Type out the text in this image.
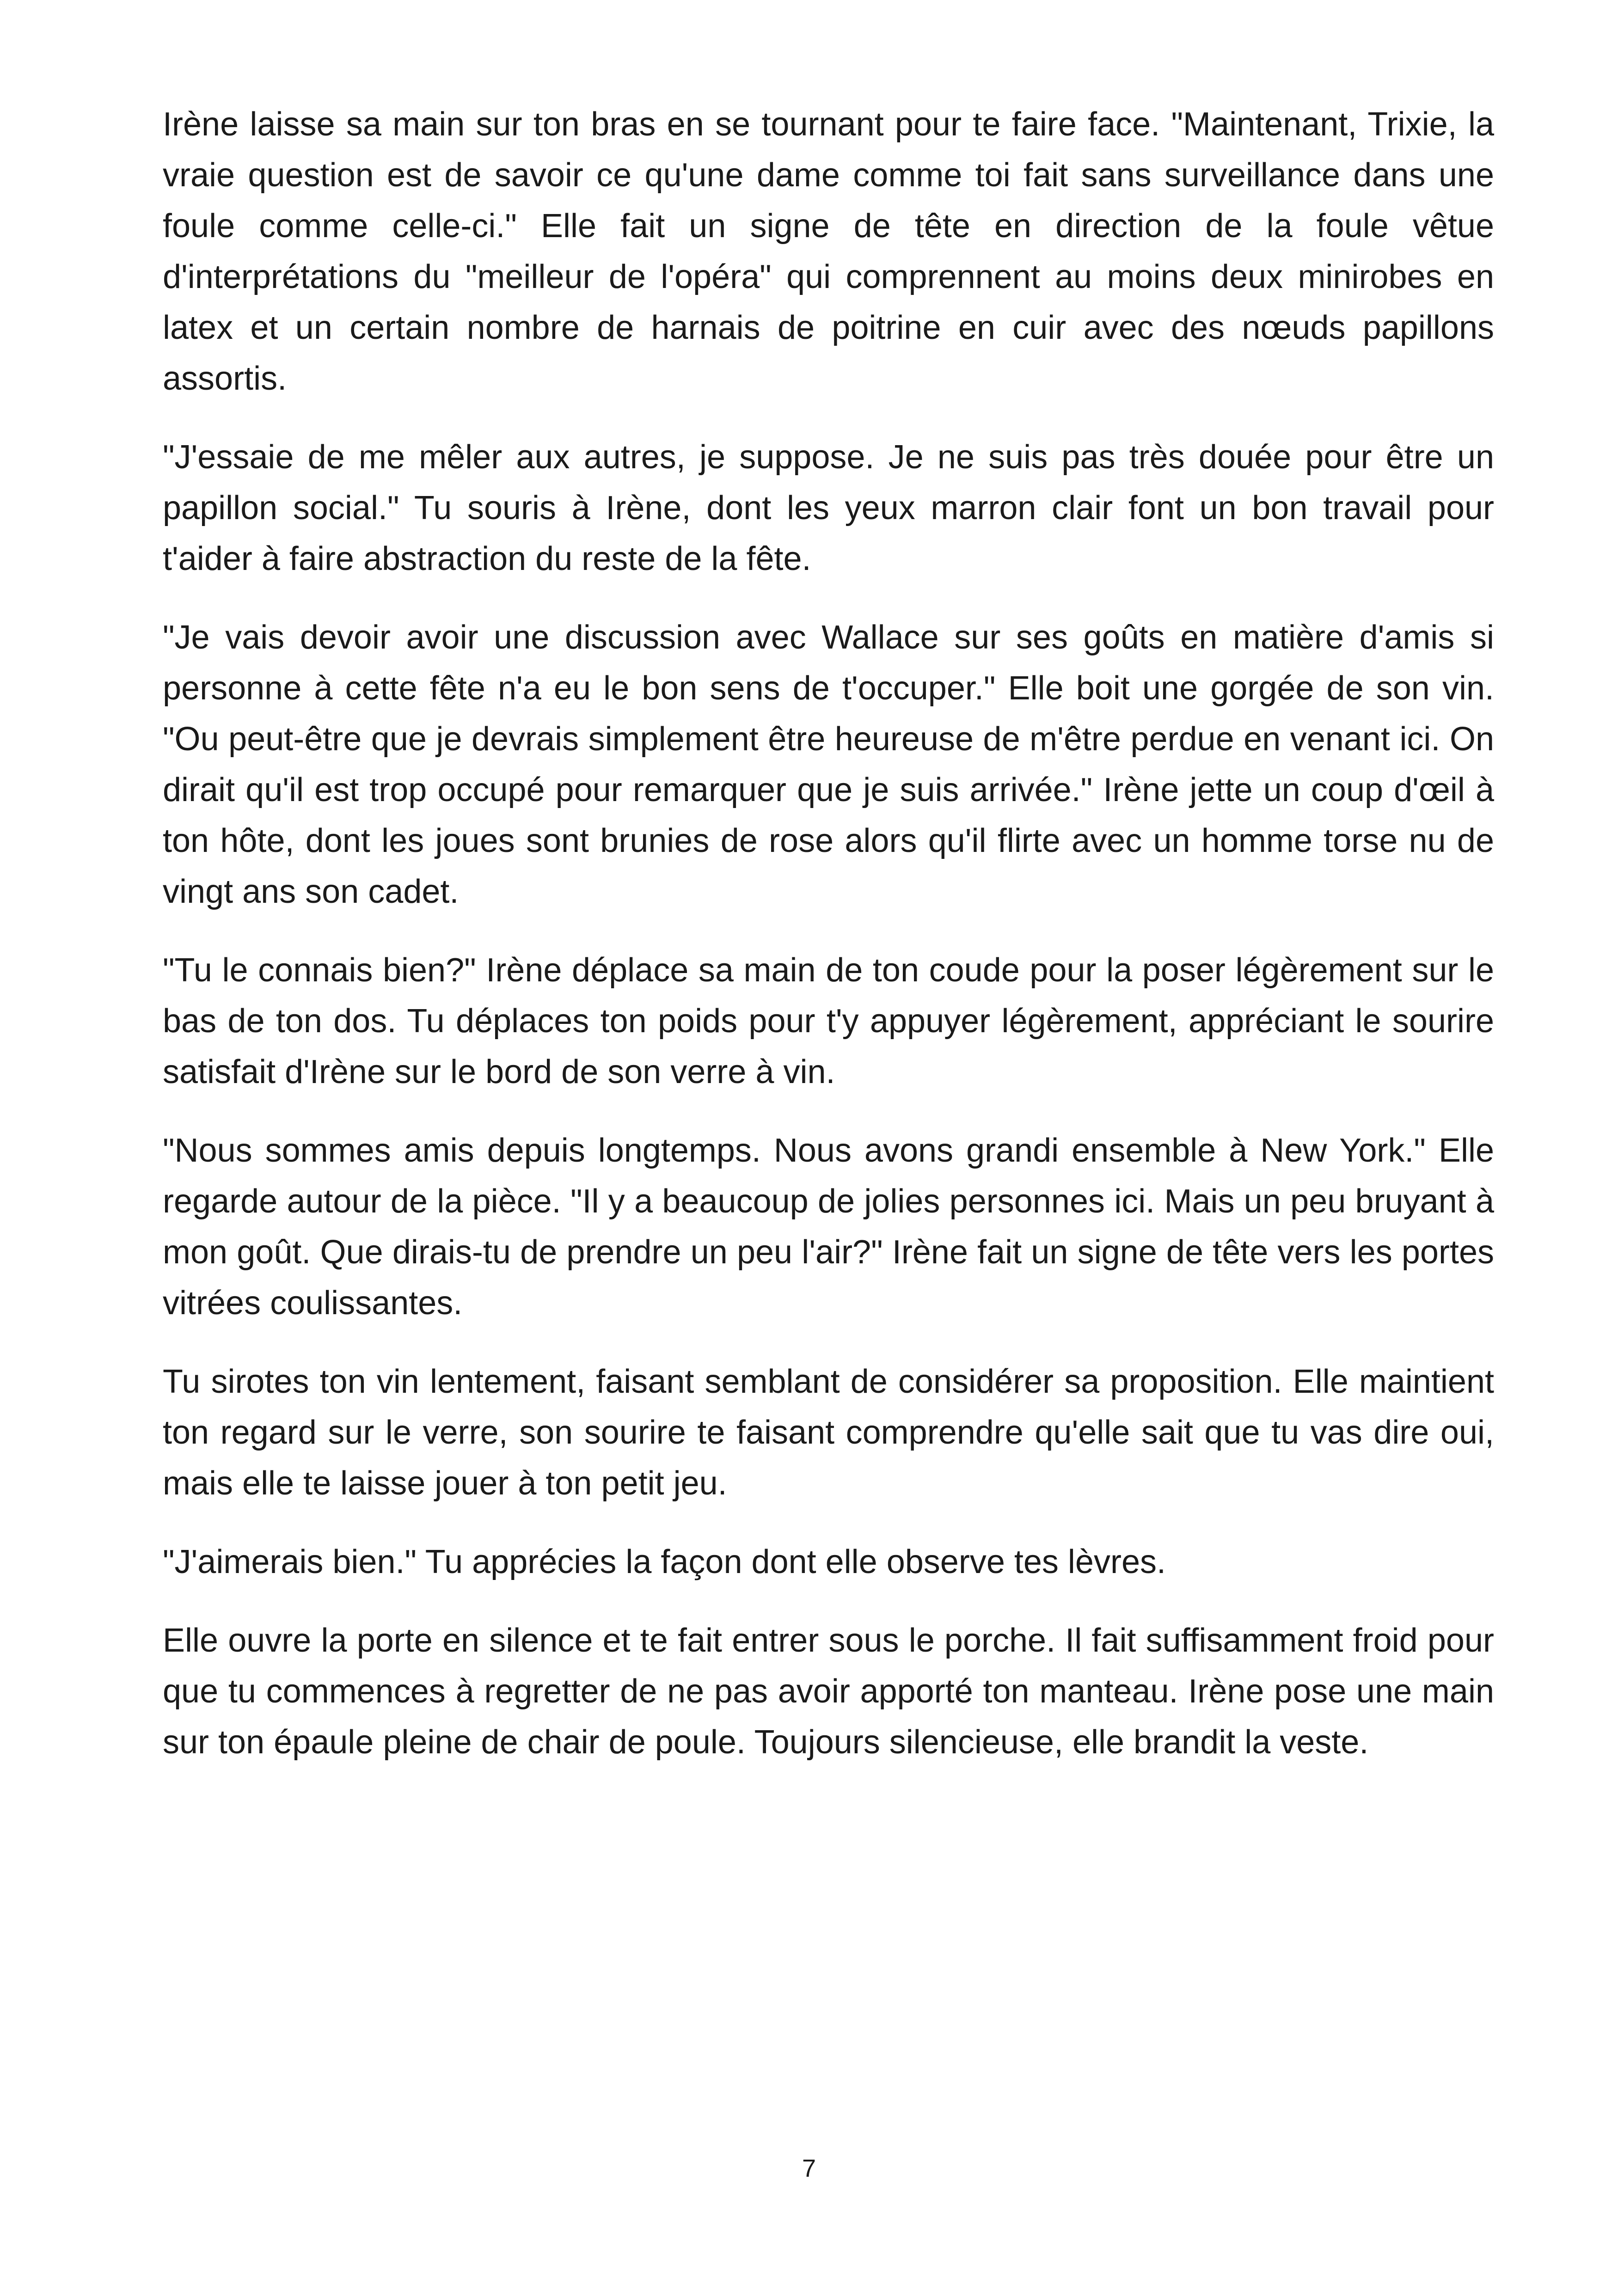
Irène laisse sa main sur ton bras en se tournant pour te faire face. "Maintenant, Trixie, la vraie question est de savoir ce qu'une dame comme toi fait sans surveillance dans une foule comme celle-ci." Elle fait un signe de tête en direction de la foule vêtue d'interprétations du "meilleur de l'opéra" qui comprennent au moins deux minirobes en latex et un certain nombre de harnais de poitrine en cuir avec des nœuds papillons assortis.

"J'essaie de me mêler aux autres, je suppose. Je ne suis pas très douée pour être un papillon social." Tu souris à Irène, dont les yeux marron clair font un bon travail pour t'aider à faire abstraction du reste de la fête.

"Je vais devoir avoir une discussion avec Wallace sur ses goûts en matière d'amis si personne à cette fête n'a eu le bon sens de t'occuper." Elle boit une gorgée de son vin. "Ou peut-être que je devrais simplement être heureuse de m'être perdue en venant ici. On dirait qu'il est trop occupé pour remarquer que je suis arrivée." Irène jette un coup d'œil à ton hôte, dont les joues sont brunies de rose alors qu'il flirte avec un homme torse nu de vingt ans son cadet.

"Tu le connais bien?" Irène déplace sa main de ton coude pour la poser légèrement sur le bas de ton dos. Tu déplaces ton poids pour t'y appuyer légèrement, appréciant le sourire satisfait d'Irène sur le bord de son verre à vin.

"Nous sommes amis depuis longtemps. Nous avons grandi ensemble à New York." Elle regarde autour de la pièce. "Il y a beaucoup de jolies personnes ici. Mais un peu bruyant à mon goût. Que dirais-tu de prendre un peu l'air?" Irène fait un signe de tête vers les portes vitrées coulissantes.

Tu sirotes ton vin lentement, faisant semblant de considérer sa proposition. Elle maintient ton regard sur le verre, son sourire te faisant comprendre qu'elle sait que tu vas dire oui, mais elle te laisse jouer à ton petit jeu.

"J'aimerais bien." Tu apprécies la façon dont elle observe tes lèvres.

Elle ouvre la porte en silence et te fait entrer sous le porche. Il fait suffisamment froid pour que tu commences à regretter de ne pas avoir apporté ton manteau. Irène pose une main sur ton épaule pleine de chair de poule. Toujours silencieuse, elle brandit la veste.

7
